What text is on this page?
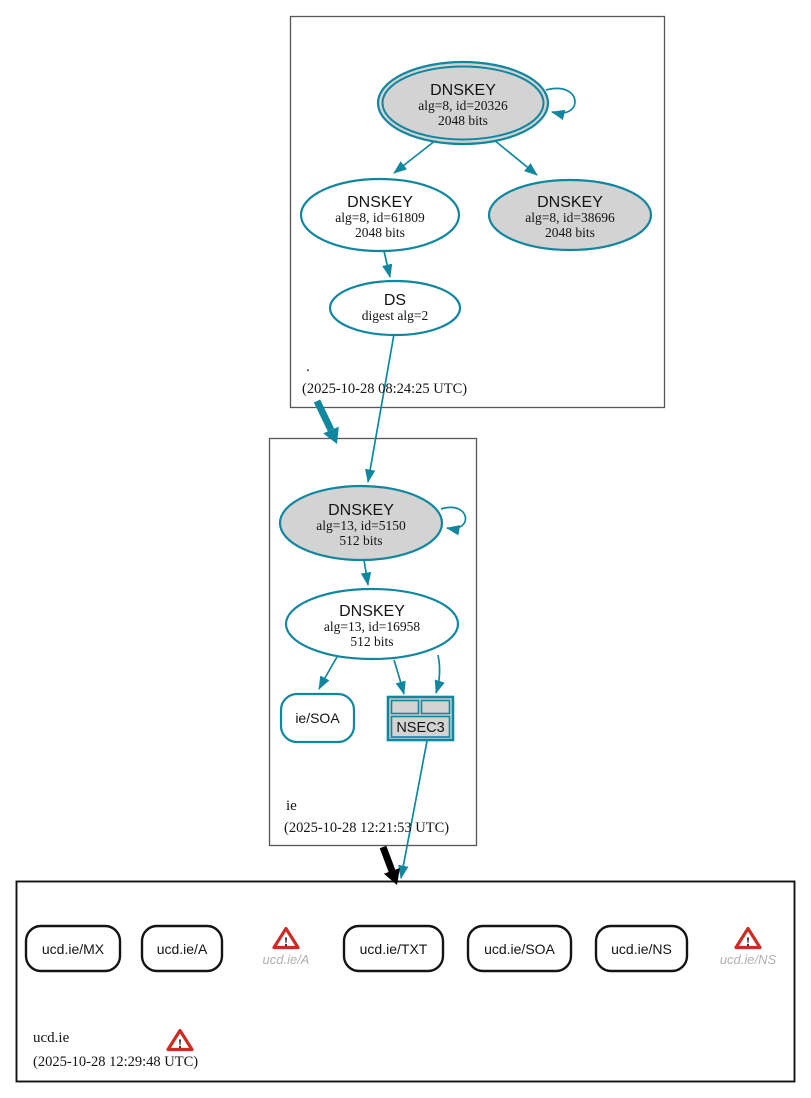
DNSKEY
alg=8, id=20326
2048 bits
DNSKEY
alg=8, id=61809
2048 bits
DNSKEY
alg=8, id=38696
2048 bits
DS
digest alg=2
.
(2025-10-28 08:24:25 UTC)
DNSKEY
alg=13, id=5150
512 bits
DNSKEY
alg=13, id=16958
512 bits
ie/SOA
NSEC3
ie
(2025-10-28 12:21:53 UTC)
ucd.ie/MX	ucd.ie/A	!
ucd.ie/A
ucd.ie/TXT	ucd.ie/SOA	ucd.ie/NS	!
ucd.ie/NS
ucd.ie	!
(2025-10-28 12:29:48 UTC)
